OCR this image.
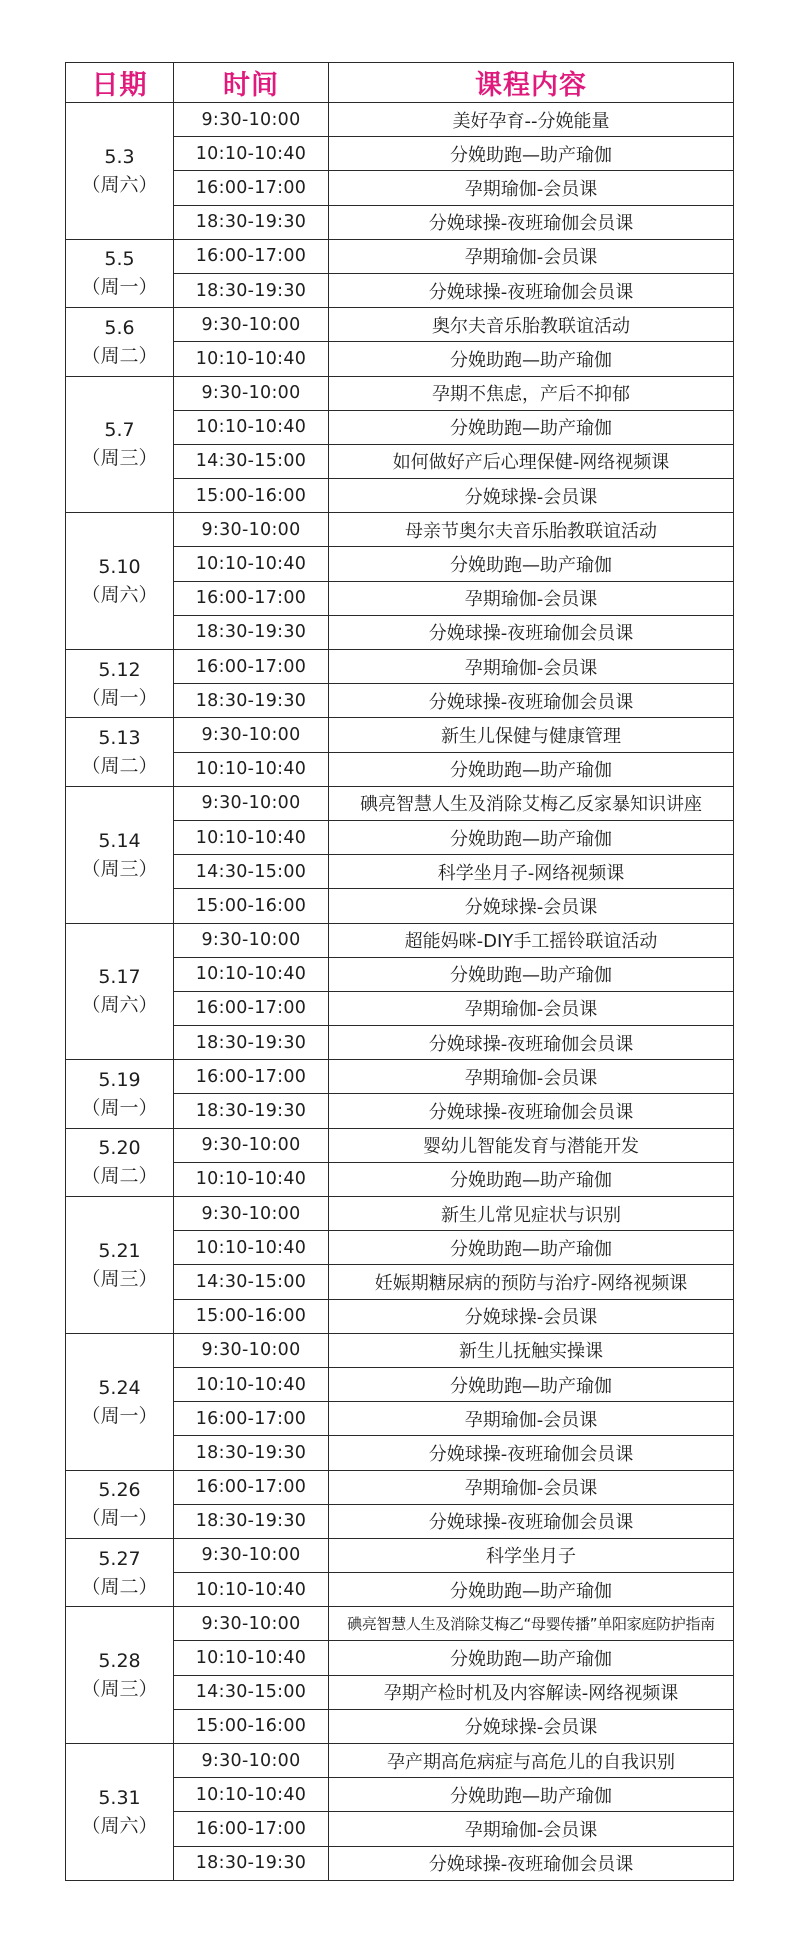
日期	时间	课程内容

5.3
（周六）	9:30-10:00	美好孕育--分娩能量
	10:10-10:40	分娩助跑—助产瑜伽
	16:00-17:00	孕期瑜伽-会员课
	18:30-19:30	分娩球操-夜班瑜伽会员课

5.5
（周一）	16:00-17:00	孕期瑜伽-会员课
	18:30-19:30	分娩球操-夜班瑜伽会员课

5.6
（周二）	9:30-10:00	奥尔夫音乐胎教联谊活动
	10:10-10:40	分娩助跑—助产瑜伽

5.7
（周三）	9:30-10:00	孕期不焦虑，产后不抑郁
	10:10-10:40	分娩助跑—助产瑜伽
	14:30-15:00	如何做好产后心理保健-网络视频课
	15:00-16:00	分娩球操-会员课

5.10
（周六）	9:30-10:00	母亲节奥尔夫音乐胎教联谊活动
	10:10-10:40	分娩助跑—助产瑜伽
	16:00-17:00	孕期瑜伽-会员课
	18:30-19:30	分娩球操-夜班瑜伽会员课

5.12
（周一）	16:00-17:00	孕期瑜伽-会员课
	18:30-19:30	分娩球操-夜班瑜伽会员课

5.13
（周二）	9:30-10:00	新生儿保健与健康管理
	10:10-10:40	分娩助跑—助产瑜伽

5.14
（周三）	9:30-10:00	碘亮智慧人生及消除艾梅乙反家暴知识讲座
	10:10-10:40	分娩助跑—助产瑜伽
	14:30-15:00	科学坐月子-网络视频课
	15:00-16:00	分娩球操-会员课

5.17
（周六）	9:30-10:00	超能妈咪-DIY手工摇铃联谊活动
	10:10-10:40	分娩助跑—助产瑜伽
	16:00-17:00	孕期瑜伽-会员课
	18:30-19:30	分娩球操-夜班瑜伽会员课

5.19
（周一）	16:00-17:00	孕期瑜伽-会员课
	18:30-19:30	分娩球操-夜班瑜伽会员课

5.20
（周二）	9:30-10:00	婴幼儿智能发育与潜能开发
	10:10-10:40	分娩助跑—助产瑜伽

5.21
（周三）	9:30-10:00	新生儿常见症状与识别
	10:10-10:40	分娩助跑—助产瑜伽
	14:30-15:00	妊娠期糖尿病的预防与治疗-网络视频课
	15:00-16:00	分娩球操-会员课

5.24
（周一）	9:30-10:00	新生儿抚触实操课
	10:10-10:40	分娩助跑—助产瑜伽
	16:00-17:00	孕期瑜伽-会员课
	18:30-19:30	分娩球操-夜班瑜伽会员课

5.26
（周一）	16:00-17:00	孕期瑜伽-会员课
	18:30-19:30	分娩球操-夜班瑜伽会员课

5.27
（周二）	9:30-10:00	科学坐月子
	10:10-10:40	分娩助跑—助产瑜伽

5.28
（周三）	9:30-10:00	碘亮智慧人生及消除艾梅乙“母婴传播”单阳家庭防护指南
	10:10-10:40	分娩助跑—助产瑜伽
	14:30-15:00	孕期产检时机及内容解读-网络视频课
	15:00-16:00	分娩球操-会员课

5.31
（周六）	9:30-10:00	孕产期高危病症与高危儿的自我识别
	10:10-10:40	分娩助跑—助产瑜伽
	16:00-17:00	孕期瑜伽-会员课
	18:30-19:30	分娩球操-夜班瑜伽会员课
